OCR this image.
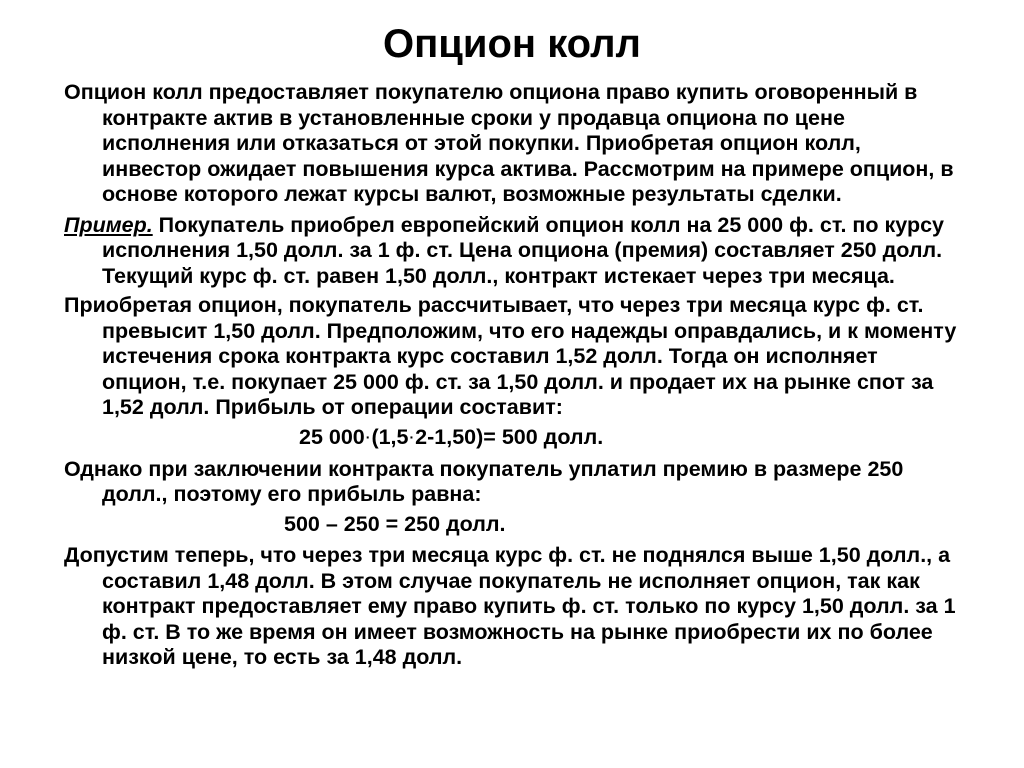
Опцион колл

Опцион колл предоставляет покупателю опциона право купить оговоренный в контракте актив в установленные сроки у продавца опциона по цене исполнения или отказаться от этой покупки. Приобретая опцион колл, инвестор ожидает повышения курса актива. Рассмотрим на примере опцион, в основе которого лежат курсы валют, возможные результаты сделки.

Пример. Покупатель приобрел европейский опцион колл на 25 000 ф. ст. по курсу исполнения 1,50 долл. за 1 ф. ст. Цена опциона (премия) составляет 250 долл. Текущий курс ф. ст. равен 1,50 долл., контракт истекает через три месяца.

Приобретая опцион, покупатель рассчитывает, что через три месяца курс ф. ст. превысит 1,50 долл. Предположим, что его надежды оправдались, и к моменту истечения срока контракта курс составил 1,52 долл. Тогда он исполняет опцион, т.е. покупает 25 000 ф. ст. за 1,50 долл. и продает их на рынке спот за 1,52 долл. Прибыль от операции составит:

25 000·(1,5·2-1,50)= 500 долл.

Однако при заключении контракта покупатель уплатил премию в размере 250 долл., поэтому его прибыль равна:

500 – 250 = 250 долл.

Допустим теперь, что через три месяца курс ф. ст. не поднялся выше 1,50 долл., а составил 1,48 долл. В этом случае покупатель не исполняет опцион, так как контракт предоставляет ему право купить ф. ст. только по курсу 1,50 долл. за 1 ф. ст. В то же время он имеет возможность на рынке приобрести их по более низкой цене, то есть за 1,48 долл.
